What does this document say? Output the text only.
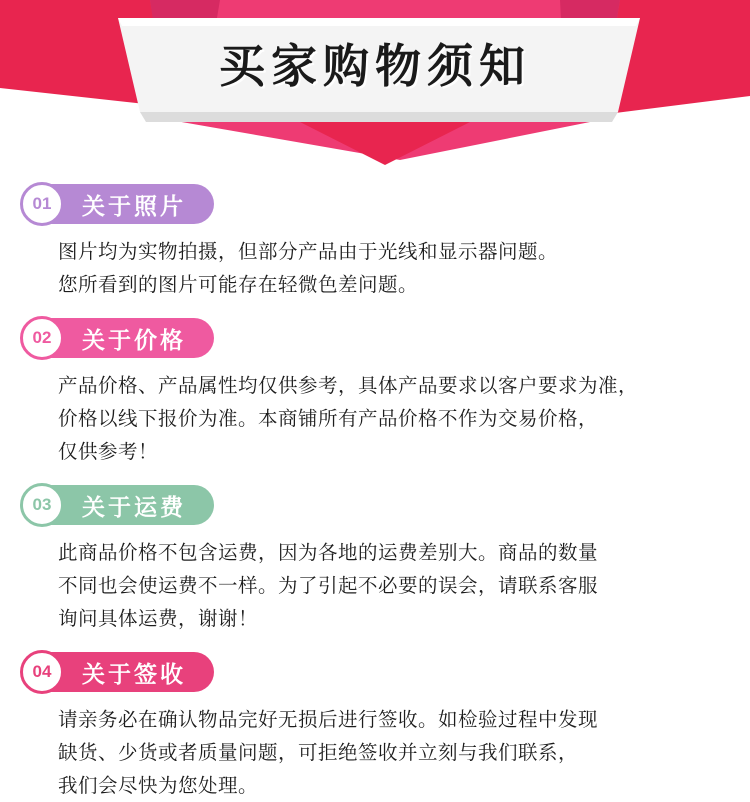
买家购物须知
01	关于照片
图片均为实物拍摄，但部分产品由于光线和显示器问题。
您所看到的图片可能存在轻微色差问题。
02	关于价格
产品价格、产品属性均仅供参考，具体产品要求以客户要求为准，
价格以线下报价为准。本商铺所有产品价格不作为交易价格，
仅供参考！
03	关于运费
此商品价格不包含运费，因为各地的运费差别大。商品的数量
不同也会使运费不一样。为了引起不必要的误会，请联系客服
询问具体运费，谢谢！
04	关于签收
请亲务必在确认物品完好无损后进行签收。如检验过程中发现
缺货、少货或者质量问题，可拒绝签收并立刻与我们联系，
我们会尽快为您处理。
